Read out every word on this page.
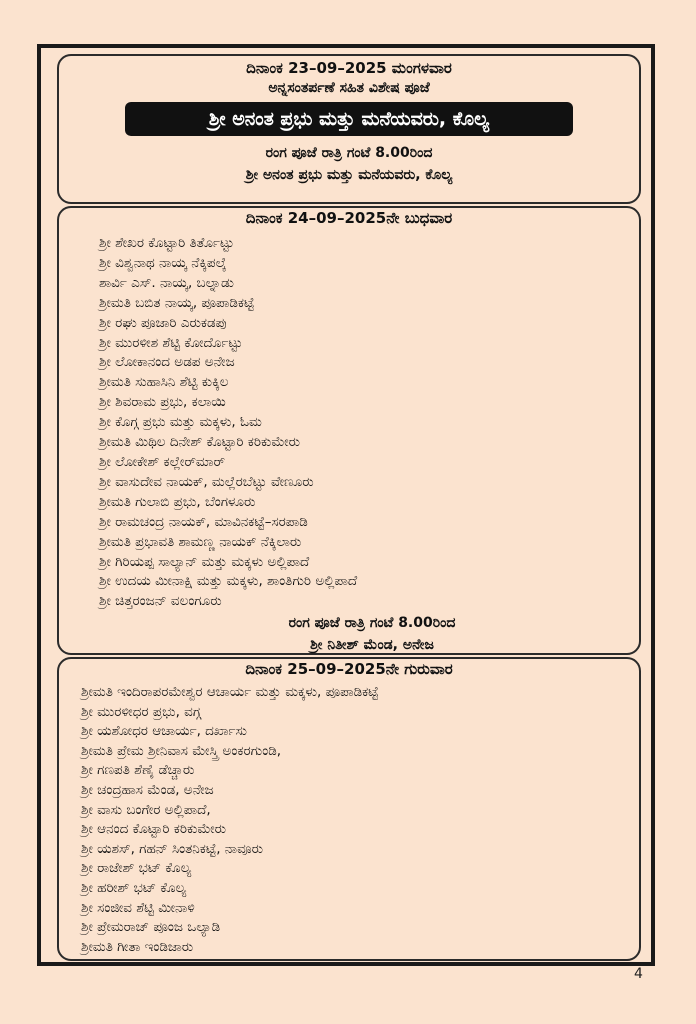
ದಿನಾಂಕ 23–09–2025 ಮಂಗಳವಾರ
ಅನ್ನಸಂತರ್ಪಣೆ ಸಹಿತ ವಿಶೇಷ ಪೂಜೆ
ಶ್ರೀ ಅನಂತ ಪ್ರಭು ಮತ್ತು ಮನೆಯವರು, ಕೊಲ್ಯ
ರಂಗ ಪೂಜೆ ರಾತ್ರಿ ಗಂಟೆ 8.00ರಿಂದ
ಶ್ರೀ ಅನಂತ ಪ್ರಭು ಮತ್ತು ಮನೆಯವರು, ಕೊಲ್ಯ
ದಿನಾಂಕ 24–09–2025ನೇ ಬುಧವಾರ
ಶ್ರೀ ಶೇಖರ ಕೊಟ್ಟಾರಿ ತಿರ್ತೊಟ್ಟು
ಶ್ರೀ ವಿಶ್ವನಾಥ ನಾಯ್ಕ ನೆಕ್ಕಿಪಲ್ಕೆ
ಶಾರ್ವಿ ಎಸ್. ನಾಯ್ಕ, ಬಲ್ನಾಡು
ಶ್ರೀಮತಿ ಬಬಿತ ನಾಯ್ಕ, ಪೂಪಾಡಿಕಟ್ಟೆ
ಶ್ರೀ ರಘು ಪೂಜಾರಿ ಎರುಕಡಪು
ಶ್ರೀ ಮುರಳೀಶ ಶೆಟ್ಟಿ ಕೋರ್ದೊಟ್ಟು
ಶ್ರೀ ಲೋಕಾನಂದ ಅಡಪ ಅನೇಜ
ಶ್ರೀಮತಿ ಸುಹಾಸಿನಿ ಶೆಟ್ಟಿ ಕುಕ್ಕಿಲ
ಶ್ರೀ ಶಿವರಾಮ ಪ್ರಭು, ಕಲಾಯಿ
ಶ್ರೀ ಕೊಗ್ಗ ಪ್ರಭು ಮತ್ತು ಮಕ್ಕಳು, ಓಮ
ಶ್ರೀಮತಿ ಮಿಥಿಲ ದಿನೇಶ್ ಕೊಟ್ಟಾರಿ ಕರಿಕುಮೇರು
ಶ್ರೀ ಲೋಕೇಶ್ ಕಲ್ಲೇರ್‌ಮಾರ್
ಶ್ರೀ ವಾಸುದೇವ ನಾಯಕ್, ಮಲ್ಲೆರಬೆಟ್ಟು ವೇಣೂರು
ಶ್ರೀಮತಿ ಗುಲಾಬಿ ಪ್ರಭು, ಬೆಂಗಳೂರು
ಶ್ರೀ ರಾಮಚಂದ್ರ ನಾಯಕ್, ಮಾವಿನಕಟ್ಟೆ–ಸರಪಾಡಿ
ಶ್ರೀಮತಿ ಪ್ರಭಾವತಿ ಶಾಮಣ್ಣ ನಾಯಕ್ ನೆಕ್ಕಿಲಾರು
ಶ್ರೀ ಗಿರಿಯಪ್ಪ ಸಾಲ್ಯಾನ್ ಮತ್ತು ಮಕ್ಕಳು ಅಲ್ಲಿಪಾದೆ
ಶ್ರೀ ಉದಯ ಮೀನಾಕ್ಷಿ ಮತ್ತು ಮಕ್ಕಳು, ಶಾಂತಿಗುರಿ ಅಲ್ಲಿಪಾದೆ
ಶ್ರೀ ಚಿತ್ತರಂಜನ್ ವಲಂಗೂರು
ರಂಗ ಪೂಜೆ ರಾತ್ರಿ ಗಂಟೆ 8.00ರಿಂದ
ಶ್ರೀ ನಿತೀಶ್ ಮೆಂಡ, ಅನೇಜ
ದಿನಾಂಕ 25–09–2025ನೇ ಗುರುವಾರ
ಶ್ರೀಮತಿ ಇಂದಿರಾಪರಮೇಶ್ವರ ಆಚಾರ್ಯ ಮತ್ತು ಮಕ್ಕಳು, ಪೂಪಾಡಿಕಟ್ಟೆ
ಶ್ರೀ ಮುರಳೀಧರ ಪ್ರಭು, ವಗ್ಗ
ಶ್ರೀ ಯಶೋಧರ ಆಚಾರ್ಯ, ದರ್ಖಾಸು
ಶ್ರೀಮತಿ ಪ್ರೇಮ ಶ್ರೀನಿವಾಸ ಮೇಸ್ತ್ರಿ ಅಂಕರಗುಂಡಿ,
ಶ್ರೀ ಗಣಪತಿ ಶೆಣೈ ಡೆಚ್ಚಾರು
ಶ್ರೀ ಚಂದ್ರಹಾಸ ಮೆಂಡ, ಅನೇಜ
ಶ್ರೀ ವಾಸು ಬಂಗೇರ ಅಲ್ಲಿಪಾದೆ,
ಶ್ರೀ ಆನಂದ ಕೊಟ್ಟಾರಿ ಕರಿಕುಮೇರು
ಶ್ರೀ ಯಶಸ್, ಗಹನ್ ಸಿಂತನಿಕಟ್ಟೆ, ನಾವೂರು
ಶ್ರೀ ರಾಜೇಶ್ ಭಟ್ ಕೊಲ್ಯ
ಶ್ರೀ ಹರೀಶ್ ಭಟ್ ಕೊಲ್ಯ
ಶ್ರೀ ಸಂಜೀವ ಶೆಟ್ಟಿ ಮೀನಾಳಿ
ಶ್ರೀ ಪ್ರೇಮರಾಜ್ ಪೂಂಜ ಒಲ್ಯಾಡಿ
ಶ್ರೀಮತಿ ಗೀತಾ ಇಂಡಿಜಾರು
4
